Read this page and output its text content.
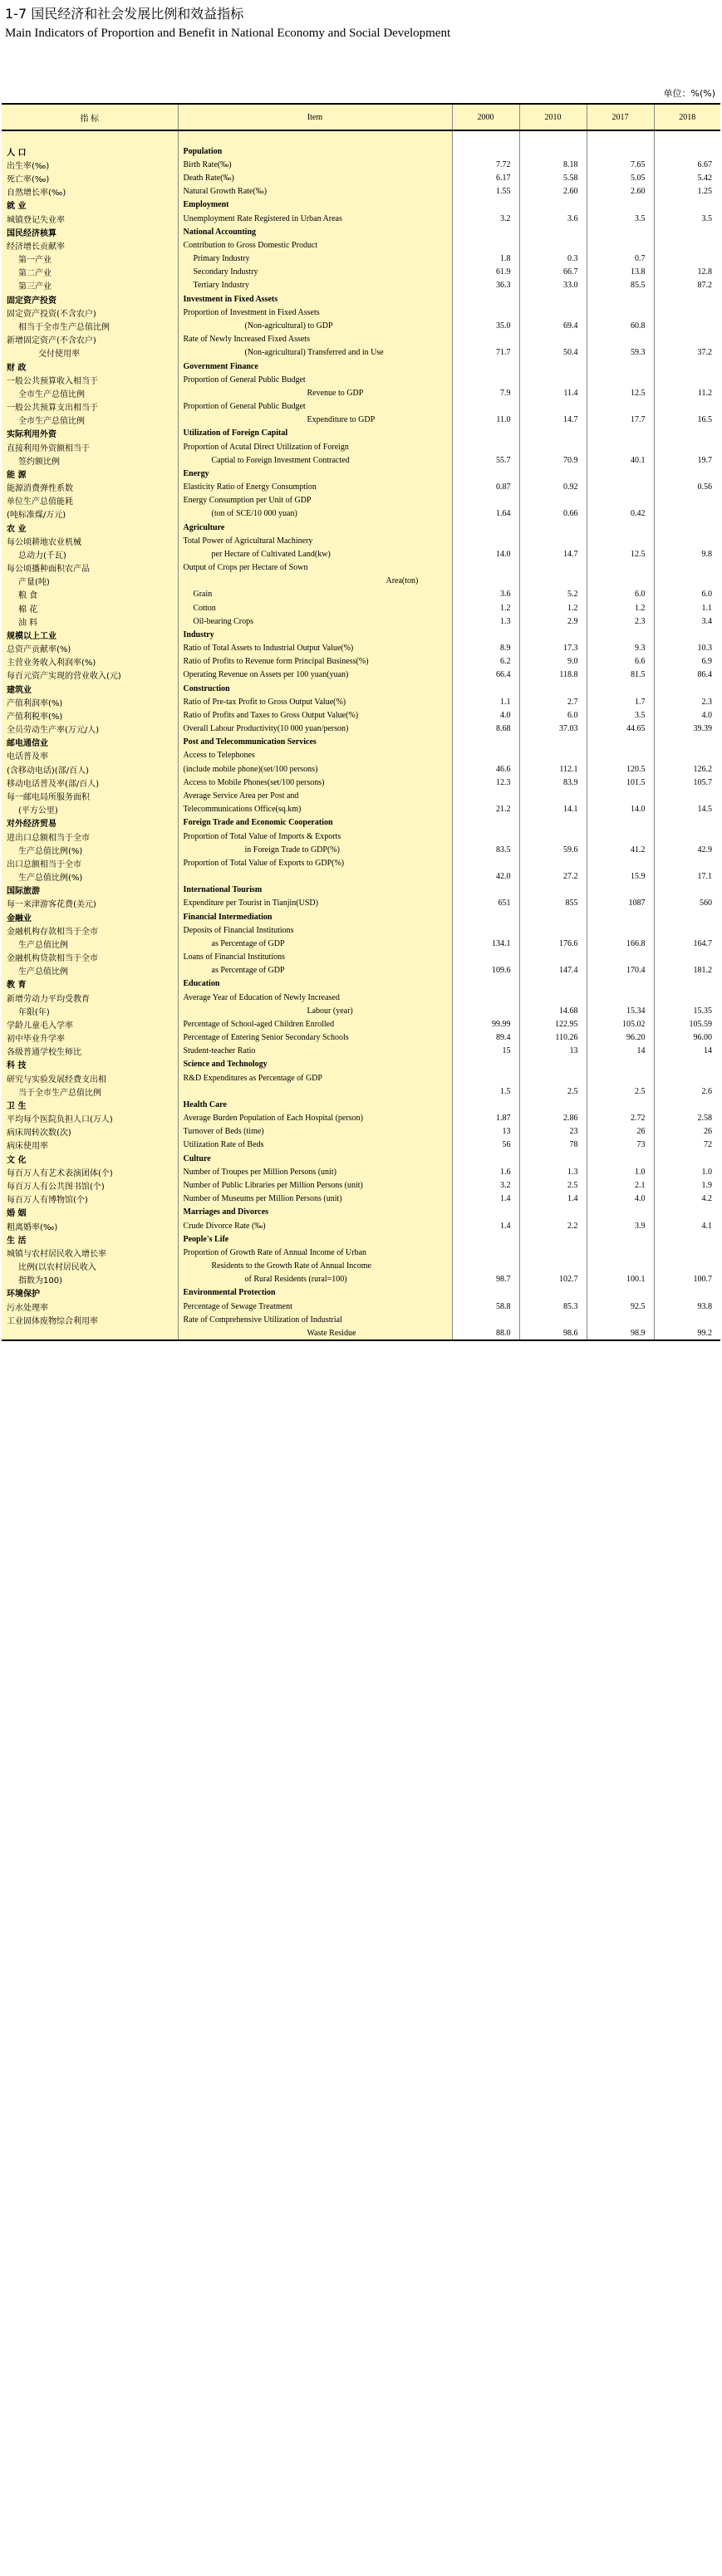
1-7 国民经济和社会发展比例和效益指标
Main Indicators of Proportion and Benefit in National Economy and Social Development
单位：%(%)
指 标	Item	2000	2010	2017	2018

人 口	Population				
出生率(‰)	Birth Rate(‰)	7.72	8.18	7.65	6.67
死亡率(‰)	Death Rate(‰)	6.17	5.58	5.05	5.42
自然增长率(‰)	Natural Growth Rate(‰)	1.55	2.60	2.60	1.25
就 业	Employment				
城镇登记失业率	Unemployment Rate Registered in Urban Areas	3.2	3.6	3.5	3.5
国民经济核算	National Accounting				
经济增长贡献率	Contribution to Gross Domestic Product				
第一产业	Primary Industry	1.8	0.3	0.7	
第二产业	Secondary Industry	61.9	66.7	13.8	12.8
第三产业	Tertiary Industry	36.3	33.0	85.5	87.2
固定资产投资	Investment in Fixed Assets				
固定资产投资(不含农户)	Proportion of Investment in Fixed Assets				
相当于全市生产总值比例	(Non-agricultural) to GDP	35.0	69.4	60.8	
新增固定资产(不含农户)	Rate of Newly Increased Fixed Assets				
交付使用率	(Non-agricultural) Transferred and in Use	71.7	50.4	59.3	37.2
财 政	Government Finance				
一般公共预算收入相当于	Proportion of General Public Budget				
全市生产总值比例	Revenue to GDP	7.9	11.4	12.5	11.2
一般公共预算支出相当于	Proportion of General Public Budget				
全市生产总值比例	Expenditure to GDP	11.0	14.7	17.7	16.5
实际利用外资	Utilization of Foreign Capital				
直接利用外资额相当于	Proportion of Acutal Direct Utilization of Foreign				
签约额比例	Captial to Foreign Investment Contracted	55.7	70.9	40.1	19.7
能 源	Energy				
能源消费弹性系数	Elasticity Ratio of Energy Consumption	0.87	0.92		0.56
单位生产总值能耗	Energy Consumption per Unit of GDP				
(吨标准煤/万元)	(ton of SCE/10 000 yuan)	1.64	0.66	0.42	
农 业	Agriculture				
每公顷耕地农业机械	Total Power of Agricultural Machinery				
总动力(千瓦)	per Hectare of Cultivated Land(kw)	14.0	14.7	12.5	9.8
每公顷播种面积农产品	Output of Crops per Hectare of Sown				
产量(吨)	Area(ton)				
粮 食	Grain	3.6	5.2	6.0	6.0
棉 花	Cotton	1.2	1.2	1.2	1.1
油 料	Oil-bearing Crops	1.3	2.9	2.3	3.4
规模以上工业	Industry				
总资产贡献率(%)	Ratio of Total Assets to Industrial Output Value(%)	8.9	17.3	9.3	10.3
主营业务收入利润率(%)	Ratio of Profits to Revenue form Principal Business(%)	6.2	9.0	6.6	6.9
每百元资产实现的营业收入(元)	Operating Revenue on Assets per 100 yuan(yuan)	66.4	118.8	81.5	86.4
建筑业	Construction				
产值利润率(%)	Ratio of Pre-tax Profit to Gross Output Value(%)	1.1	2.7	1.7	2.3
产值利税率(%)	Ratio of Profits and Taxes to Gross Output Value(%)	4.0	6.0	3.5	4.0
全员劳动生产率(万元/人)	Overall Labour Productivity(10 000 yuan/person)	8.68	37.03	44.65	39.39
邮电通信业	Post and Telecommunication Services				
电话普及率	Access to Telephones				
(含移动电话)(部/百人)	(include mobile phone)(set/100 persons)	46.6	112.1	120.5	126.2
移动电话普及率(部/百人)	Access to Mobile Phones(set/100 persons)	12.3	83.9	101.5	105.7
每一邮电局所服务面积	Average Service Area per Post and				
(平方公里)	Telecommunications Office(sq.km)	21.2	14.1	14.0	14.5
对外经济贸易	Foreign Trade and Economic Cooperation				
进出口总额相当于全市	Proportion of Total Value of Imports & Exports				
生产总值比例(%)	in Foreign Trade to GDP(%)	83.5	59.6	41.2	42.9
出口总额相当于全市	Proportion of Total Value of Exports to GDP(%)				
生产总值比例(%)		42.0	27.2	15.9	17.1
国际旅游	International Tourism				
每一来津游客花费(美元)	Expenditure per Tourist in Tianjin(USD)	651	855	1087	560
金融业	Financial Intermediation				
金融机构存款相当于全市	Deposits of Financial Institutions				
生产总值比例	as Percentage of GDP	134.1	176.6	166.8	164.7
金融机构贷款相当于全市	Loans of Financial Institutions				
生产总值比例	as Percentage of GDP	109.6	147.4	170.4	181.2
教 育	Education				
新增劳动力平均受教育	Average Year of Education of Newly Increased				
年限(年)	Labour (year)		14.68	15.34	15.35
学龄儿童毛入学率	Percentage of School-aged Children Enrolled	99.99	122.95	105.02	105.59
初中毕业升学率	Percentage of Entering Senior Secondary Schools	89.4	110.26	96.20	96.00
各级普通学校生师比	Student-teacher Ratio	15	13	14	14
科 技	Science and Technology				
研究与实验发展经费支出相	R&D Expenditures as Percentage of GDP				
当于全市生产总值比例		1.5	2.5	2.5	2.6
卫 生	Health Care				
平均每个医院负担人口(万人)	Average Burden Population of Each Hospital (person)	1.87	2.86	2.72	2.58
病床周转次数(次)	Turnover of Beds (time)	13	23	26	26
病床使用率	Utilization Rate of Beds	56	78	73	72
文 化	Culture				
每百万人有艺术表演团体(个)	Number of Troupes per Million Persons (unit)	1.6	1.3	1.0	1.0
每百万人有公共图书馆(个)	Number of Public Libraries per Million Persons (unit)	3.2	2.5	2.1	1.9
每百万人有博物馆(个)	Number of Museums per Million Persons (unit)	1.4	1.4	4.0	4.2
婚 姻	Marriages and Divorces				
粗离婚率(‰)	Crude Divorce Rate (‰)	1.4	2.2	3.9	4.1
生 活	People's Life				
城镇与农村居民收入增长率	Proportion of Growth Rate of Annual Income of Urban				
比例(以农村居民收入	Residents to the Growth Rate of Annual Income				
指数为100)	of Rural Residents (rural=100)	98.7	102.7	100.1	100.7
环境保护	Environmental Protection				
污水处理率	Percentage of Sewage Treatment	58.8	85.3	92.5	93.8
工业固体废物综合利用率	Rate of Comprehensive Utilization of Industrial				
	Waste Residue	88.0	98.6	98.9	99.2
